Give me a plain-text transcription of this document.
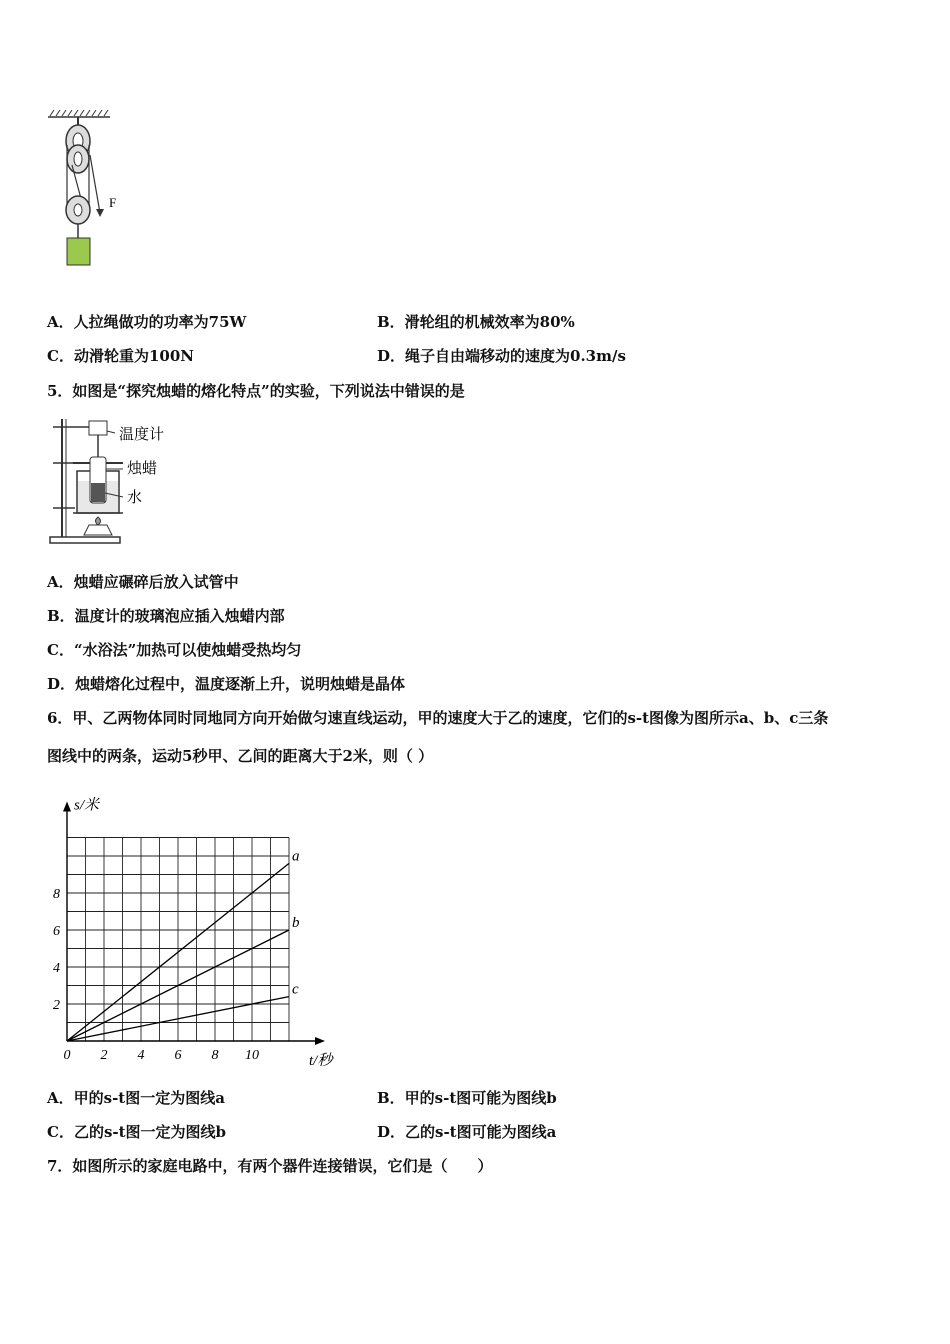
F
A．人拉绳做功的功率为75W	B．滑轮组的机械效率为80%
C．动滑轮重为100N	D．绳子自由端移动的速度为0.3m/s
5．如图是“探究烛蜡的熔化特点”的实验，下列说法中错误的是
温度计
烛蜡
水
A．烛蜡应碾碎后放入试管中
B．温度计的玻璃泡应插入烛蜡内部
C．“水浴法”加热可以使烛蜡受热均匀
D．烛蜡熔化过程中，温度逐渐上升，说明烛蜡是晶体
6．甲、乙两物体同时同地同方向开始做匀速直线运动，甲的速度大于乙的速度，它们的s-t图像为图所示a、b、c三条
图线中的两条，运动5秒甲、乙间的距离大于2米，则（ ）
0 2 4 6 8 10
2
4
6
8
s/米
t/秒
a
b
c
A．甲的s-t图一定为图线a	B．甲的s-t图可能为图线b
C．乙的s-t图一定为图线b	D．乙的s-t图可能为图线a
7．如图所示的家庭电路中，有两个器件连接错误，它们是（　　）
